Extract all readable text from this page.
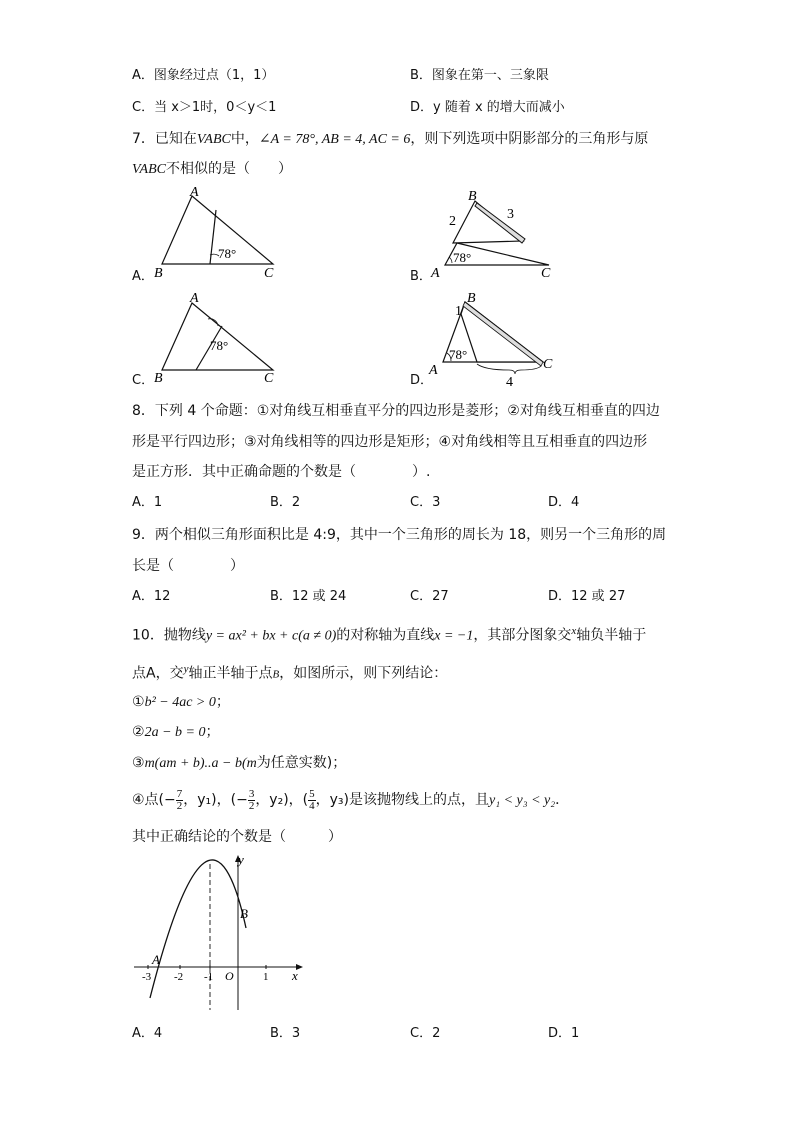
A．图象经过点（1，1）	B．图象在第一、三象限
C．当 x＞1时，0＜y＜1	D．y 随着 x 的增大而减小
7．已知在VABC中，∠A = 78°, AB = 4, AC = 6，则下列选项中阴影部分的三角形与原
VABC不相似的是（　　）
A．	B．
C．	D．
A
B	C
78°
B
2	3
A	C
78°
A
B	C
78°
B
1
A	C
78°
4
8．下列 4 个命题：①对角线互相垂直平分的四边形是菱形；②对角线互相垂直的四边
形是平行四边形；③对角线相等的四边形是矩形；④对角线相等且互相垂直的四边形
是正方形．其中正确命题的个数是（　　　　）.
A．1	B．2	C．3	D．4
9．两个相似三角形面积比是 4:9，其中一个三角形的周长为 18，则另一个三角形的周
长是（　　　　）
A．12	B．12 或 24	C．27	D．12 或 27
10．抛物线y = ax² + bx + c(a ≠ 0)的对称轴为直线x = −1，其部分图象交$^x$轴负半轴于
点A，交$^y$轴正半轴于点B，如图所示，则下列结论：
①b² − 4ac > 0；
②2a − b = 0；
③m(am + b)..a − b(m为任意实数)；
④点(− $\frac{7}{2}$ ，y₁)，(− $\frac{3}{2}$ ，y₂)，( $\frac{5}{4}$ ，y₃)是该抛物线上的点，且y₁ < y₃ < y₂．
其中正确结论的个数是（　　　）
y
x
B
A
O
-3 -2 -1	1
A．4	B．3	C．2	D．1
